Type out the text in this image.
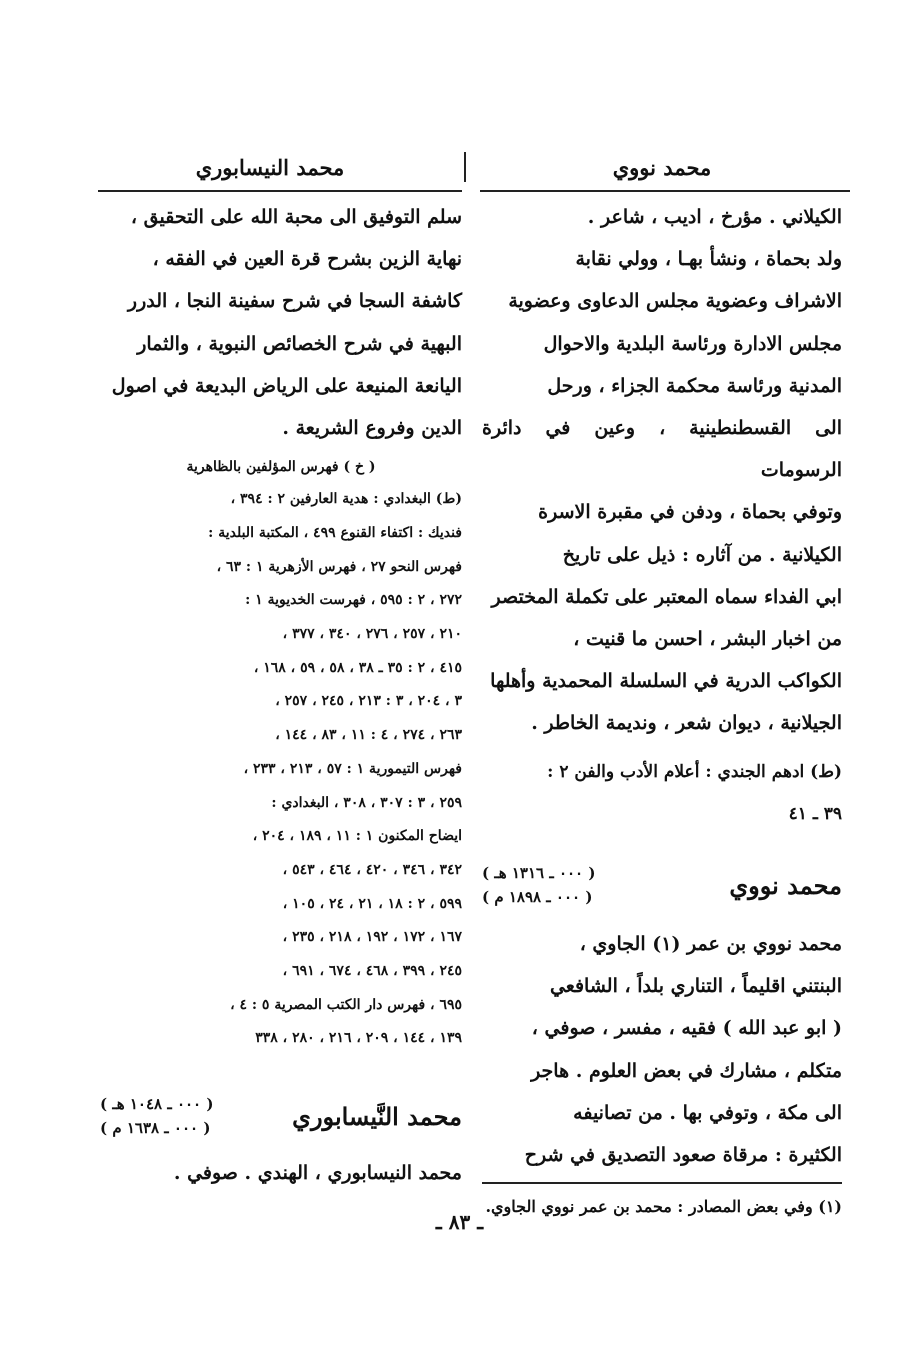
محمد نووي
محمد النيسابوري

الكيلاني . مؤرخ ، اديب ، شاعر .

ولد بحماة ، ونشأ بهـا ، وولي نقابة

الاشراف وعضوية مجلس الدعاوى وعضوية

مجلس الادارة ورئاسة البلدية والاحوال

المدنية ورئاسة محكمة الجزاء ، ورحل

الى القسطنطينية ، وعين في دائرة الرسومات

وتوفي بحماة ، ودفن في مقبرة الاسرة

الكيلانية . من آثاره : ذيل على تاريخ

ابي الفداء سماه المعتبر على تكملة المختصر

من اخبار البشر ، احسن ما قنيت ،

الكواكب الدرية في السلسلة المحمدية وأهلها

الجيلانية ، ديوان شعر ، ونديمة الخاطر .

(ط) ادهم الجندي : أعلام الأدب والفن ٢ :

٣٩ ـ ٤١

محمد نووي
( ٠٠٠ ـ ١٣١٦ هـ )
( ٠٠٠ ـ ١٨٩٨ م )

محمد نووي بن عمر (١) الجاوي ،

البنتني اقليماً ، التناري بلداً ، الشافعي

( ابو عبد الله ) فقيه ، مفسر ، صوفي ،

متكلم ، مشارك في بعض العلوم . هاجر

الى مكة ، وتوفي بها . من تصانيفه

الكثيرة : مرقاة صعود التصديق في شرح

(١) وفي بعض المصادر : محمد بن عمر نووي الجاوي.

سلم التوفيق الى محبة الله على التحقيق ،

نهاية الزين بشرح قرة العين في الفقه ،

كاشفة السجا في شرح سفينة النجا ، الدرر

البهية في شرح الخصائص النبوية ، والثمار

اليانعة المنيعة على الرياض البديعة في اصول

الدين وفروع الشريعة .

( خ ) فهرس المؤلفين بالظاهرية

(ط) البغدادي : هدية العارفين ٢ : ٣٩٤ ،

فنديك : اكتفاء القنوع ٤٩٩ ، المكتبة البلدية :

فهرس النحو ٢٧ ، فهرس الأزهرية ١ : ٦٣ ،

٢٧٢ ، ٢ : ٥٩٥ ، فهرست الخديوية ١ :

٢١٠ ، ٢٥٧ ، ٢٧٦ ، ٣٤٠ ، ٣٧٧ ،

٤١٥ ، ٢ : ٣٥ ـ ٣٨ ، ٥٨ ، ٥٩ ، ١٦٨ ،

٣ ، ٢٠٤ ، ٣ : ٢١٣ ، ٢٤٥ ، ٢٥٧ ،

٢٦٣ ، ٢٧٤ ، ٤ : ١١ ، ٨٣ ، ١٤٤ ،

فهرس التيمورية ١ : ٥٧ ، ٢١٣ ، ٢٣٣ ،

٢٥٩ ، ٣ : ٣٠٧ ، ٣٠٨ ، البغدادي :

ايضاح المكنون ١ : ١١ ، ١٨٩ ، ٢٠٤ ،

٣٤٢ ، ٣٤٦ ، ٤٢٠ ، ٤٦٤ ، ٥٤٣ ،

٥٩٩ ، ٢ : ١٨ ، ٢١ ، ٢٤ ، ١٠٥ ،

١٦٧ ، ١٧٢ ، ١٩٢ ، ٢١٨ ، ٢٣٥ ،

٢٤٥ ، ٣٩٩ ، ٤٦٨ ، ٦٧٤ ، ٦٩١ ،

٦٩٥ ، فهرس دار الكتب المصرية ٥ : ٤ ،

١٣٩ ، ١٤٤ ، ٢٠٩ ، ٢١٦ ، ٢٨٠ ، ٣٣٨

محمد النَّيسابوري
( ٠٠٠ ـ ١٠٤٨ هـ )
( ٠٠٠ ـ ١٦٣٨ م )

محمد النيسابوري ، الهندي . صوفي .

ـ ٨٣ ـ
